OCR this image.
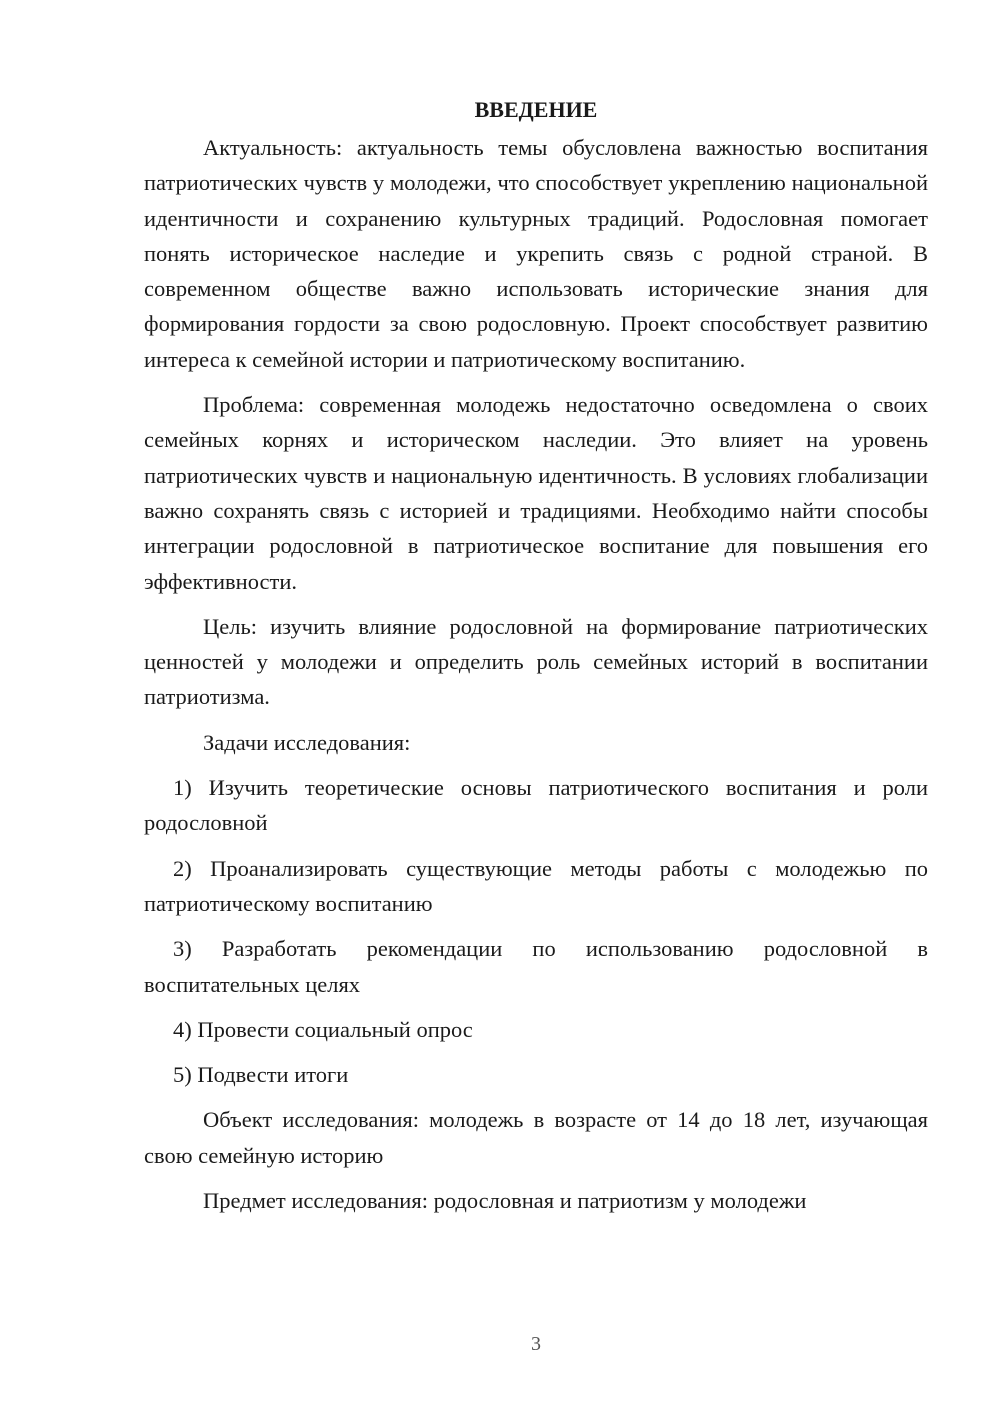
ВВЕДЕНИЕ

Актуальность: актуальность темы обусловлена важностью воспитания патриотических чувств у молодежи, что способствует укреплению национальной идентичности и сохранению культурных традиций. Родословная помогает понять историческое наследие и укрепить связь с родной страной. В современном обществе важно использовать исторические знания для формирования гордости за свою родословную. Проект способствует развитию интереса к семейной истории и патриотическому воспитанию.

Проблема: современная молодежь недостаточно осведомлена о своих семейных корнях и историческом наследии. Это влияет на уровень патриотических чувств и национальную идентичность. В условиях глобализации важно сохранять связь с историей и традициями. Необходимо найти способы интеграции родословной в патриотическое воспитание для повышения его эффективности.

Цель: изучить влияние родословной на формирование патриотических ценностей у молодежи и определить роль семейных историй в воспитании патриотизма.

Задачи исследования:

1) Изучить теоретические основы патриотического воспитания и роли родословной

2) Проанализировать существующие методы работы с молодежью по патриотическому воспитанию

3) Разработать рекомендации по использованию родословной в воспитательных целях

4) Провести социальный опрос

5) Подвести итоги

Объект исследования: молодежь в возрасте от 14 до 18 лет, изучающая свою семейную историю

Предмет исследования: родословная и патриотизм у молодежи

3
